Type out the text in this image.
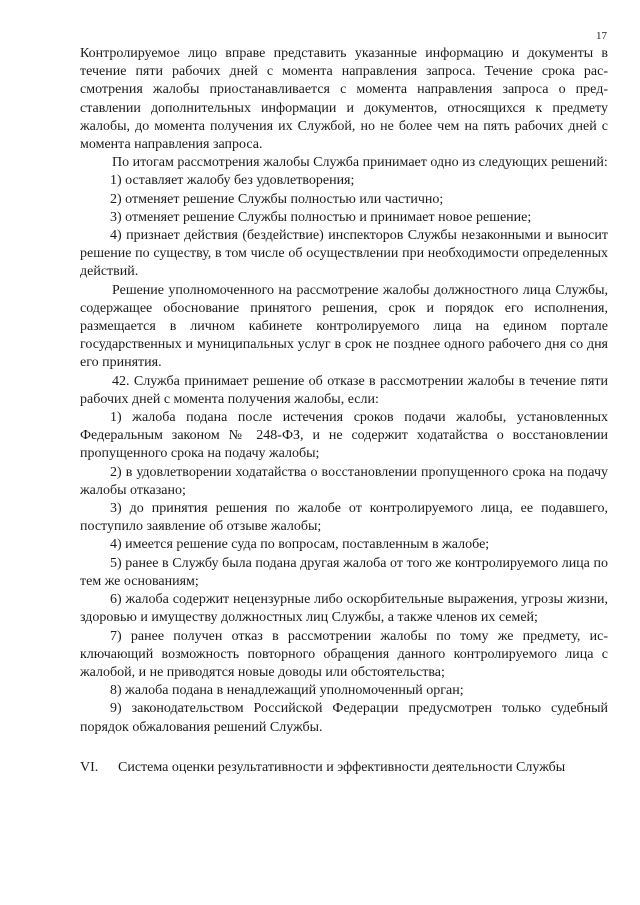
17

Контролируемое лицо вправе представить указанные информацию и документы в течение пяти рабочих дней с момента направления запроса. Течение срока рассмотрения жалобы приостанавливается с момента направления запроса о представлении дополнительных информации и документов, относящихся к предмету жалобы, до момента получения их Службой, но не более чем на пять рабочих дней с момента направления запроса.

По итогам рассмотрения жалобы Служба принимает одно из следующих решений:

1) оставляет жалобу без удовлетворения;

2) отменяет решение Службы полностью или частично;

3) отменяет решение Службы полностью и принимает новое решение;

4) признает действия (бездействие) инспекторов Службы незаконными и выносит решение по существу, в том числе об осуществлении при необходимости определенных действий.

Решение уполномоченного на рассмотрение жалобы должностного лица Службы, содержащее обоснование принятого решения, срок и порядок его исполнения, размещается в личном кабинете контролируемого лица на едином портале государственных и муниципальных услуг в срок не позднее одного рабочего дня со дня его принятия.

42. Служба принимает решение об отказе в рассмотрении жалобы в течение пяти рабочих дней с момента получения жалобы, если:

1) жалоба подана после истечения сроков подачи жалобы, установленных Федеральным законом № 248-ФЗ, и не содержит ходатайства о восстановлении пропущенного срока на подачу жалобы;

2) в удовлетворении ходатайства о восстановлении пропущенного срока на подачу жалобы отказано;

3) до принятия решения по жалобе от контролируемого лица, ее подавшего, поступило заявление об отзыве жалобы;

4) имеется решение суда по вопросам, поставленным в жалобе;

5) ранее в Службу была подана другая жалоба от того же контролируемого лица по тем же основаниям;

6) жалоба содержит нецензурные либо оскорбительные выражения, угрозы жизни, здоровью и имуществу должностных лиц Службы, а также членов их семей;

7) ранее получен отказ в рассмотрении жалобы по тому же предмету, исключающий возможность повторного обращения данного контролируемого лица с жалобой, и не приводятся новые доводы или обстоятельства;

8) жалоба подана в ненадлежащий уполномоченный орган;

9) законодательством Российской Федерации предусмотрен только судебный порядок обжалования решений Службы.

VI. Система оценки результативности и эффективности деятельности Службы
